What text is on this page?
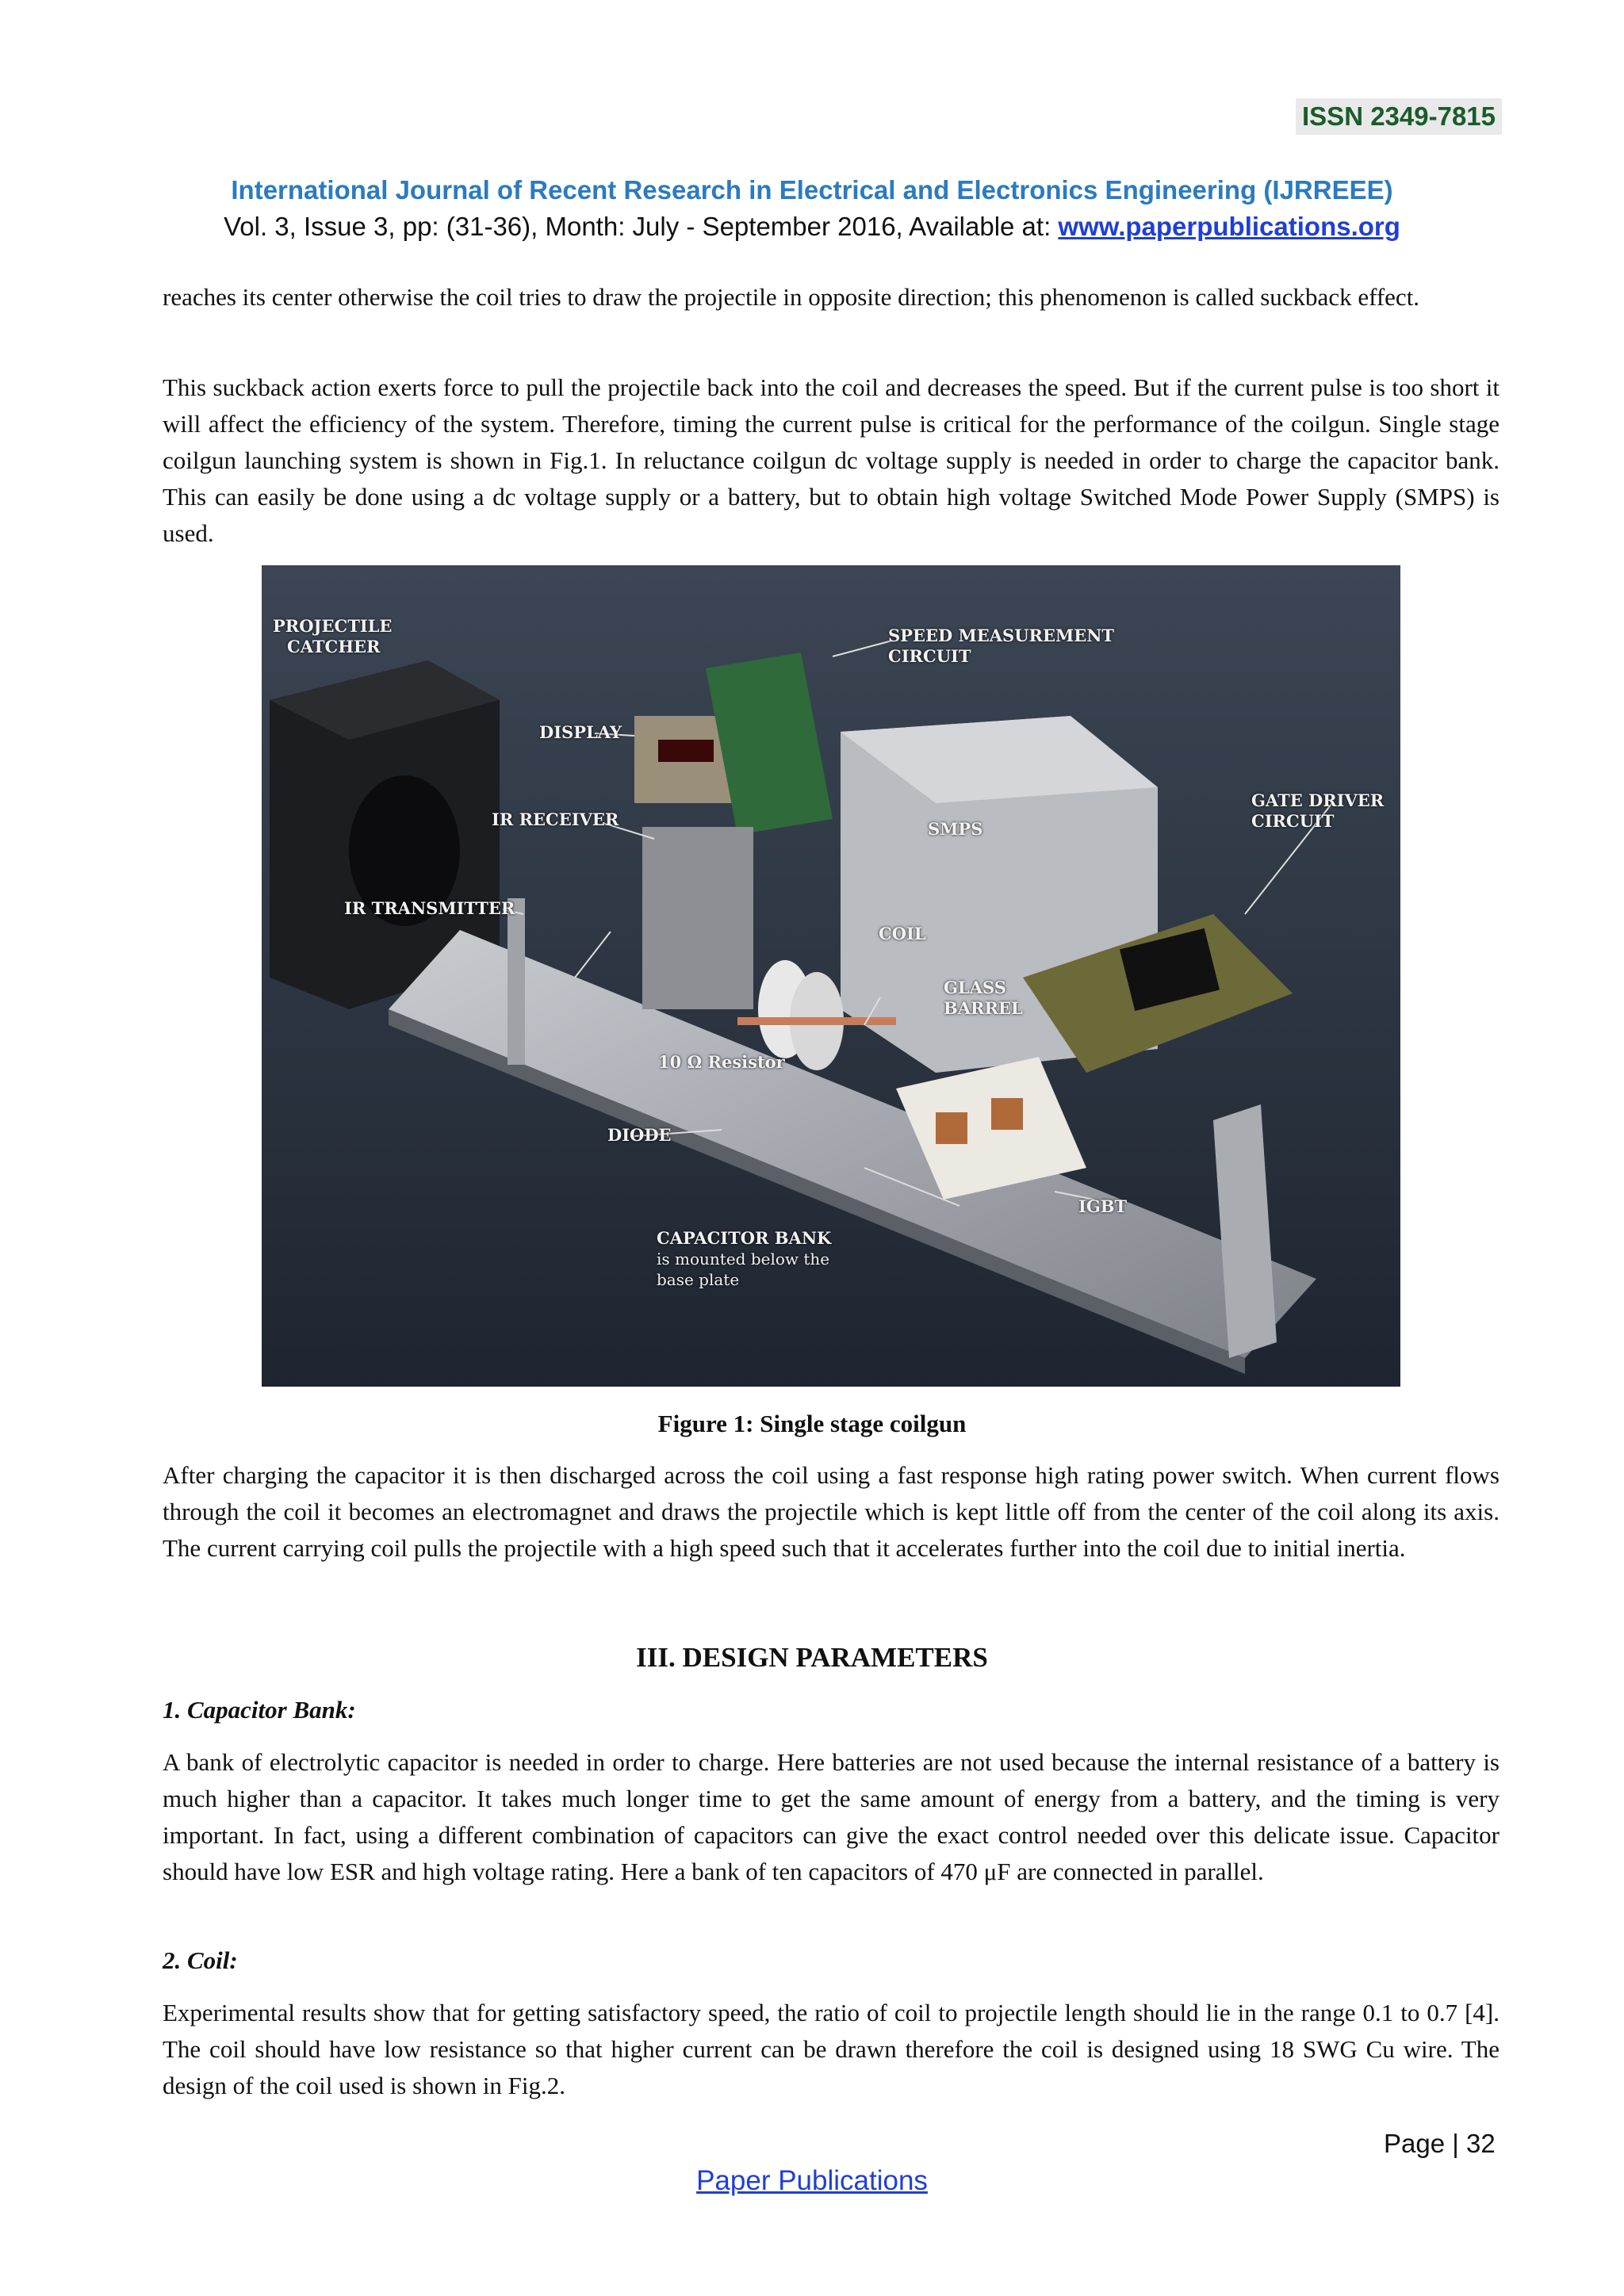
ISSN 2349-7815
International Journal of Recent Research in Electrical and Electronics Engineering (IJRREEE)
Vol. 3, Issue 3, pp: (31-36), Month: July - September 2016, Available at: www.paperpublications.org

reaches its center otherwise the coil tries to draw the projectile in opposite direction; this phenomenon is called suckback effect.

This suckback action exerts force to pull the projectile back into the coil and decreases the speed. But if the current pulse is too short it will affect the efficiency of the system. Therefore, timing the current pulse is critical for the performance of the coilgun. Single stage coilgun launching system is shown in Fig.1. In reluctance coilgun dc voltage supply is needed in order to charge the capacitor bank. This can easily be done using a dc voltage supply or a battery, but to obtain high voltage Switched Mode Power Supply (SMPS) is used.

PROJECTILE
CATCHER
SPEED MEASUREMENT
CIRCUIT
DISPLAY
IR RECEIVER	SMPS
GATE DRIVER
CIRCUIT
IR TRANSMITTER
COIL
GLASS
BARREL
10 Ω Resistor
DIODE
IGBT
CAPACITOR BANK
is mounted below the
base plate
Figure 1: Single stage coilgun

After charging the capacitor it is then discharged across the coil using a fast response high rating power switch. When current flows through the coil it becomes an electromagnet and draws the projectile which is kept little off from the center of the coil along its axis. The current carrying coil pulls the projectile with a high speed such that it accelerates further into the coil due to initial inertia.

III. DESIGN PARAMETERS
1. Capacitor Bank:

A bank of electrolytic capacitor is needed in order to charge. Here batteries are not used because the internal resistance of a battery is much higher than a capacitor. It takes much longer time to get the same amount of energy from a battery, and the timing is very important. In fact, using a different combination of capacitors can give the exact control needed over this delicate issue. Capacitor should have low ESR and high voltage rating. Here a bank of ten capacitors of 470 μF are connected in parallel.

2. Coil:

Experimental results show that for getting satisfactory speed, the ratio of coil to projectile length should lie in the range 0.1 to 0.7 [4]. The coil should have low resistance so that higher current can be drawn therefore the coil is designed using 18 SWG Cu wire. The design of the coil used is shown in Fig.2.

Page | 32
Paper Publications
